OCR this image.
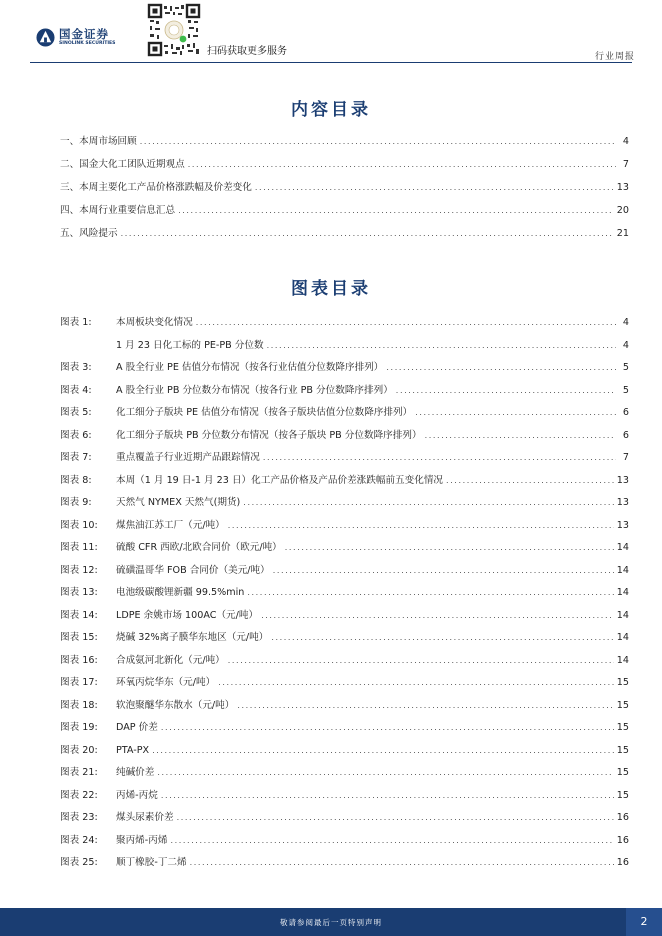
国金证券
SINOLINK SECURITIES
扫码获取更多服务	行业周报
内容目录
一、本周市场回顾 .....	4
二、国金大化工团队近期观点 .....	7
三、本周主要化工产品价格涨跌幅及价差变化 .....	13
四、本周行业重要信息汇总 .....	20
五、风险提示 .....	21
图表目录
图表 1:	本周板块变化情况 .....	4
1 月 23 日化工标的 PE-PB 分位数 .....	4
图表 3:	A 股全行业 PE 估值分布情况（按各行业估值分位数降序排列） .....	5
图表 4:	A 股全行业 PB 分位数分布情况（按各行业 PB 分位数降序排列） .....	5
图表 5:	化工细分子版块 PE 估值分布情况（按各子版块估值分位数降序排列） .....	6
图表 6:	化工细分子版块 PB 分位数分布情况（按各子版块 PB 分位数降序排列） .....	6
图表 7:	重点覆盖子行业近期产品跟踪情况 .....	7
图表 8:	本周（1 月 19 日-1 月 23 日）化工产品价格及产品价差涨跌幅前五变化情况 .....	13
图表 9:	天然气 NYMEX 天然气(期货) .....	13
图表 10: 煤焦油江苏工厂（元/吨） .....	13
图表 11: 硫酸 CFR 西欧/北欧合同价（欧元/吨） .....	14
图表 12: 硫磺温哥华 FOB 合同价（美元/吨） .....	14
图表 13: 电池级碳酸锂新疆 99.5%min .....	14
图表 14: LDPE 余姚市场 100AC（元/吨） .....	14
图表 15: 烧碱 32%离子膜华东地区（元/吨） .....	14
图表 16: 合成氨河北新化（元/吨） .....	14
图表 17: 环氧丙烷华东（元/吨） .....	15
图表 18: 软泡聚醚华东散水（元/吨） .....	15
图表 19: DAP 价差 .....	15
图表 20: PTA-PX .....	15
图表 21: 纯碱价差 .....	15
图表 22: 丙烯-丙烷 .....	15
图表 23: 煤头尿素价差 .....	16
图表 24: 聚丙烯-丙烯 .....	16
图表 25: 顺丁橡胶-丁二烯 .....	16
敬请参阅最后一页特别声明	2
